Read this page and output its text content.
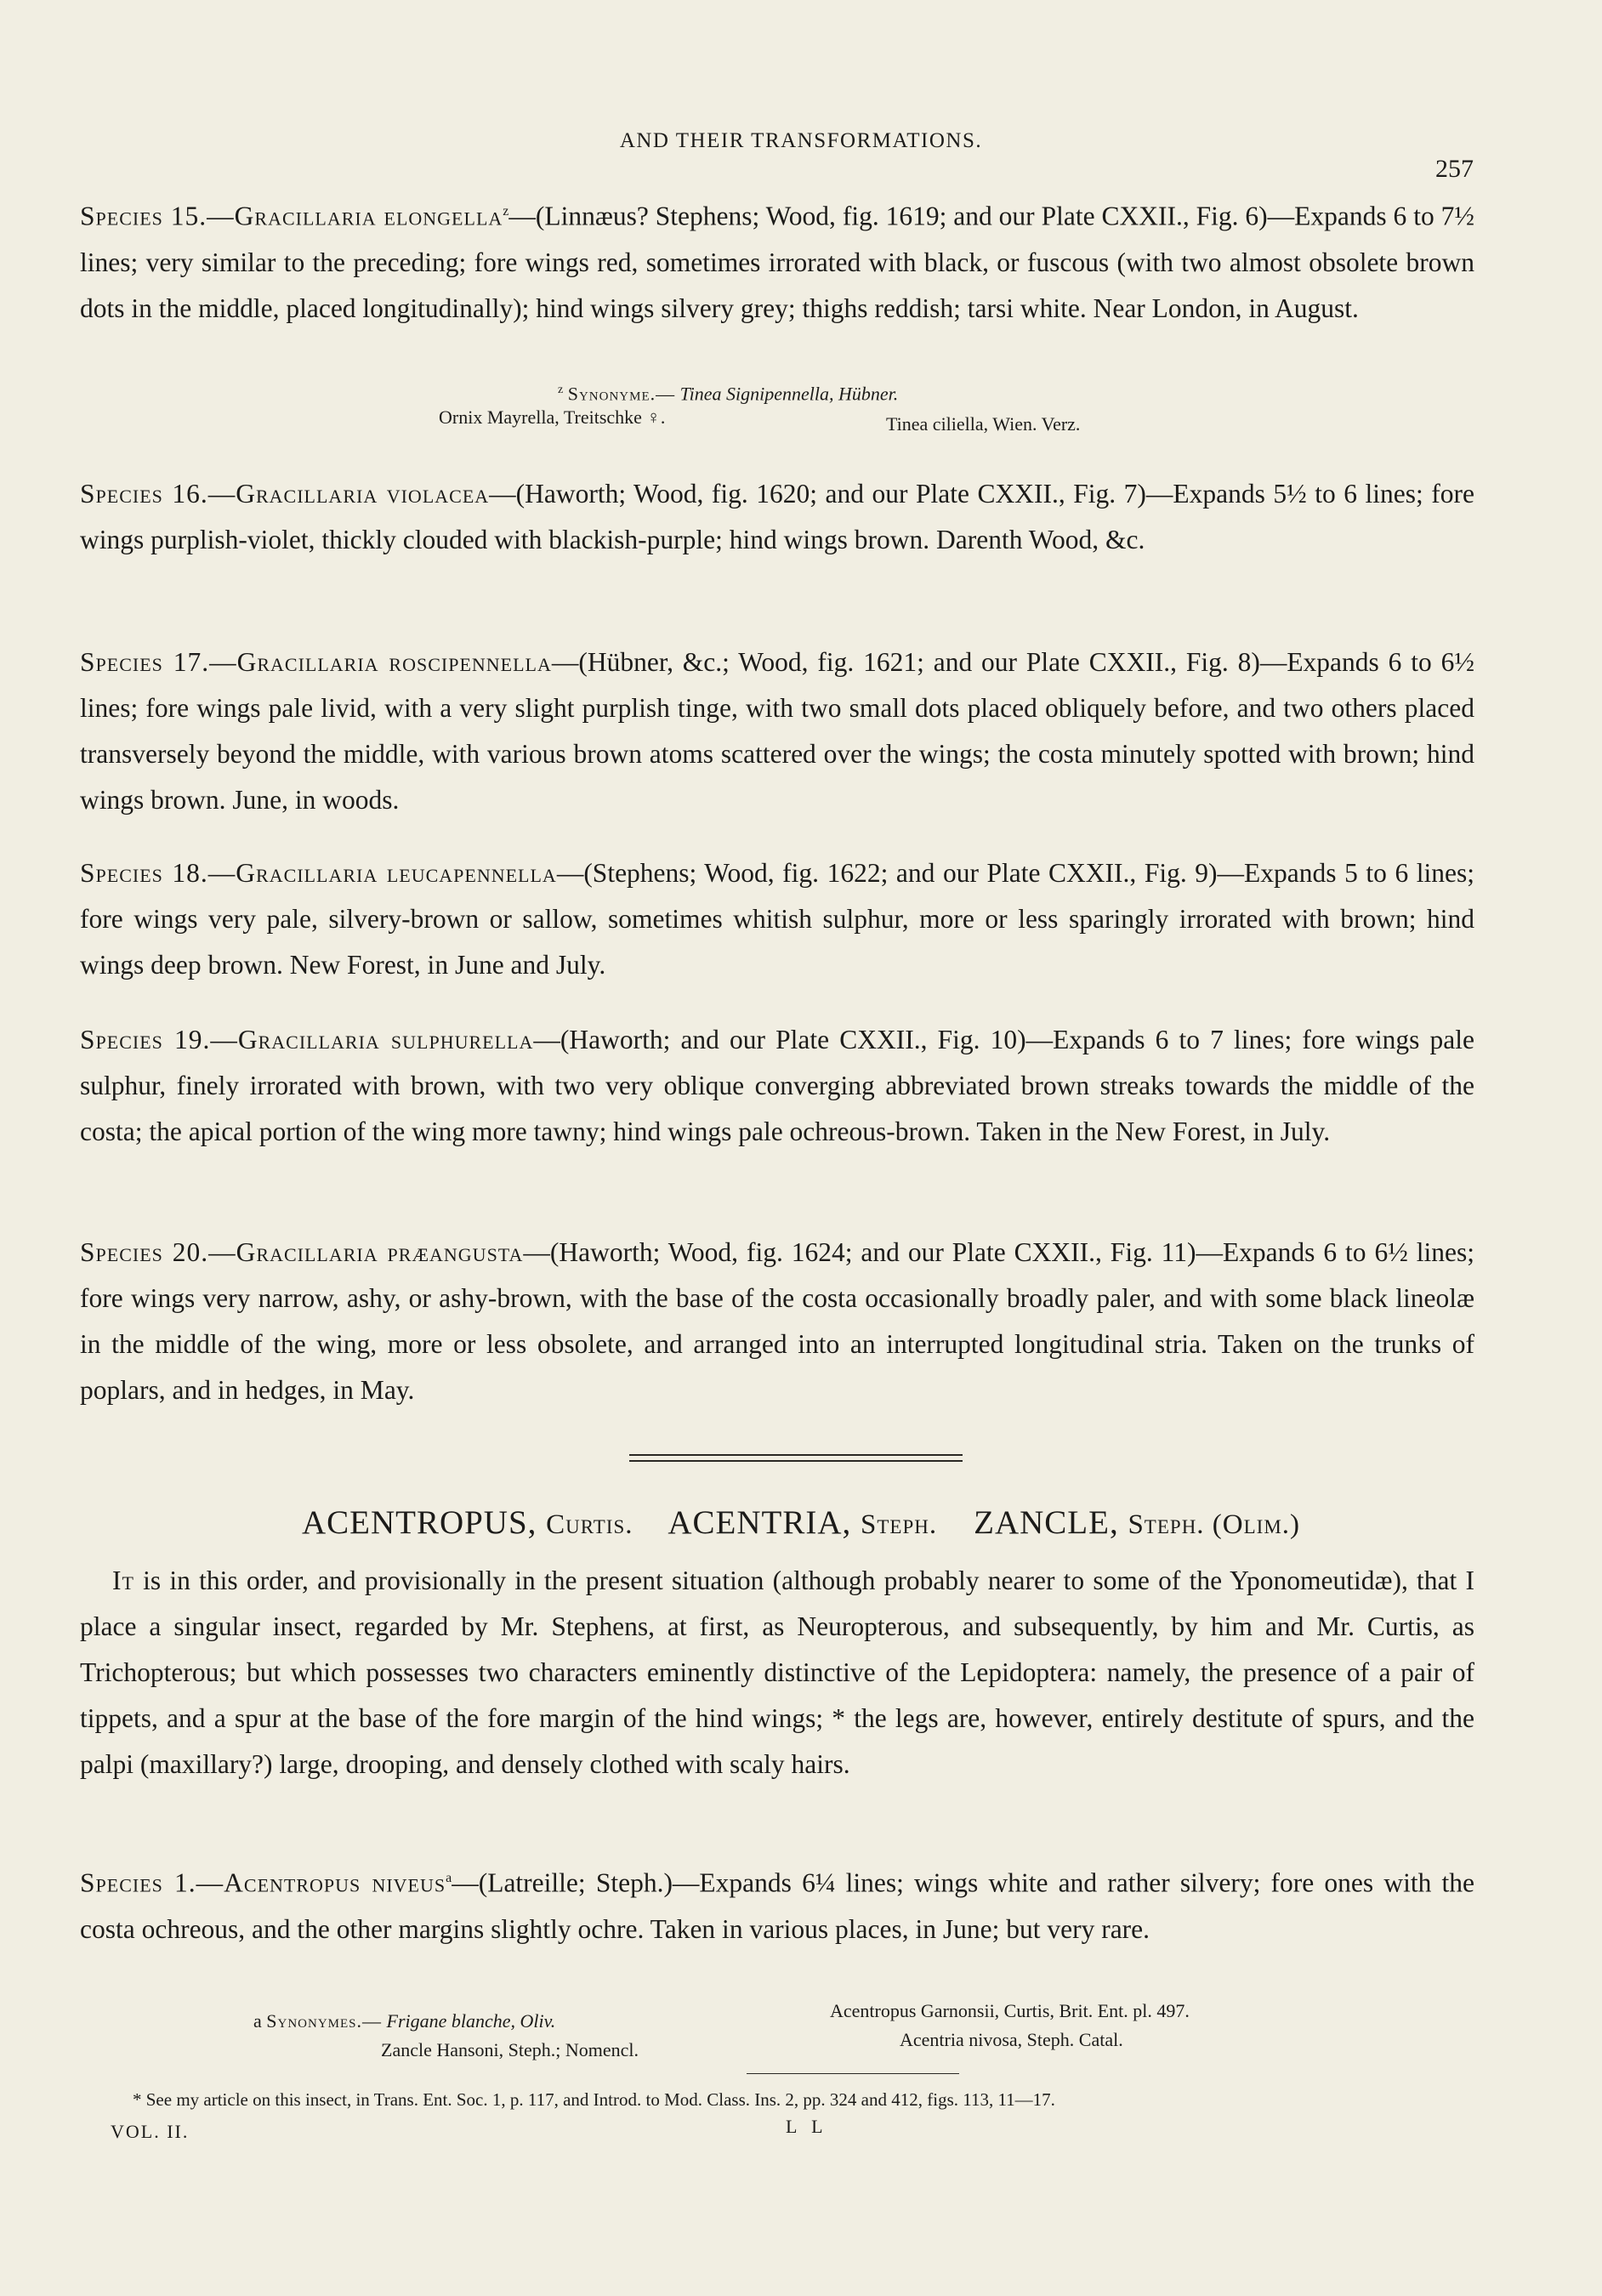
AND THEIR TRANSFORMATIONS.
257

Species 15.—Gracillaria elongella$^z$—(Linnæus? Stephens; Wood, fig. 1619; and our Plate CXXII., Fig. 6)—Expands 6 to 7½ lines; very similar to the preceding; fore wings red, sometimes irrorated with black, or fuscous (with two almost obsolete brown dots in the middle, placed longitudinally); hind wings silvery grey; thighs reddish; tarsi white. Near London, in August.

$^z$ Synonyme.— Tinea Signipennella, Hübner.
Ornix Mayrella, Treitschke ♀.	Tinea ciliella, Wien. Verz.

Species 16.—Gracillaria violacea—(Haworth; Wood, fig. 1620; and our Plate CXXII., Fig. 7)—Expands 5½ to 6 lines; fore wings purplish-violet, thickly clouded with blackish-purple; hind wings brown. Darenth Wood, &c.

Species 17.—Gracillaria roscipennella—(Hübner, &c.; Wood, fig. 1621; and our Plate CXXII., Fig. 8)—Expands 6 to 6½ lines; fore wings pale livid, with a very slight purplish tinge, with two small dots placed obliquely before, and two others placed transversely beyond the middle, with various brown atoms scattered over the wings; the costa minutely spotted with brown; hind wings brown. June, in woods.

Species 18.—Gracillaria leucapennella—(Stephens; Wood, fig. 1622; and our Plate CXXII., Fig. 9)—Expands 5 to 6 lines; fore wings very pale, silvery-brown or sallow, sometimes whitish sulphur, more or less sparingly irrorated with brown; hind wings deep brown. New Forest, in June and July.

Species 19.—Gracillaria sulphurella—(Haworth; and our Plate CXXII., Fig. 10)—Expands 6 to 7 lines; fore wings pale sulphur, finely irrorated with brown, with two very oblique converging abbreviated brown streaks towards the middle of the costa; the apical portion of the wing more tawny; hind wings pale ochreous-brown. Taken in the New Forest, in July.

Species 20.—Gracillaria præangusta—(Haworth; Wood, fig. 1624; and our Plate CXXII., Fig. 11)—Expands 6 to 6½ lines; fore wings very narrow, ashy, or ashy-brown, with the base of the costa occasionally broadly paler, and with some black lineolæ in the middle of the wing, more or less obsolete, and arranged into an interrupted longitudinal stria. Taken on the trunks of poplars, and in hedges, in May.

ACENTROPUS, Curtis. ACENTRIA, Steph. ZANCLE, Steph. (Olim.)

It is in this order, and provisionally in the present situation (although probably nearer to some of the Yponomeutidæ), that I place a singular insect, regarded by Mr. Stephens, at first, as Neuropterous, and subsequently, by him and Mr. Curtis, as Trichopterous; but which possesses two characters eminently distinctive of the Lepidoptera: namely, the presence of a pair of tippets, and a spur at the base of the fore margin of the hind wings; * the legs are, however, entirely destitute of spurs, and the palpi (maxillary?) large, drooping, and densely clothed with scaly hairs.

Species 1.—Acentropus niveus$^a$—(Latreille; Steph.)—Expands 6¼ lines; wings white and rather silvery; fore ones with the costa ochreous, and the other margins slightly ochre. Taken in various places, in June; but very rare.

a Synonymes.— Frigane blanche, Oliv.	Acentropus Garnonsii, Curtis, Brit. Ent. pl. 497.
Zancle Hansoni, Steph.; Nomencl.	Acentria nivosa, Steph. Catal.
* See my article on this insect, in Trans. Ent. Soc. 1, p. 117, and Introd. to Mod. Class. Ins. 2, pp. 324 and 412, figs. 113, 11—17.
VOL. II.	L L
